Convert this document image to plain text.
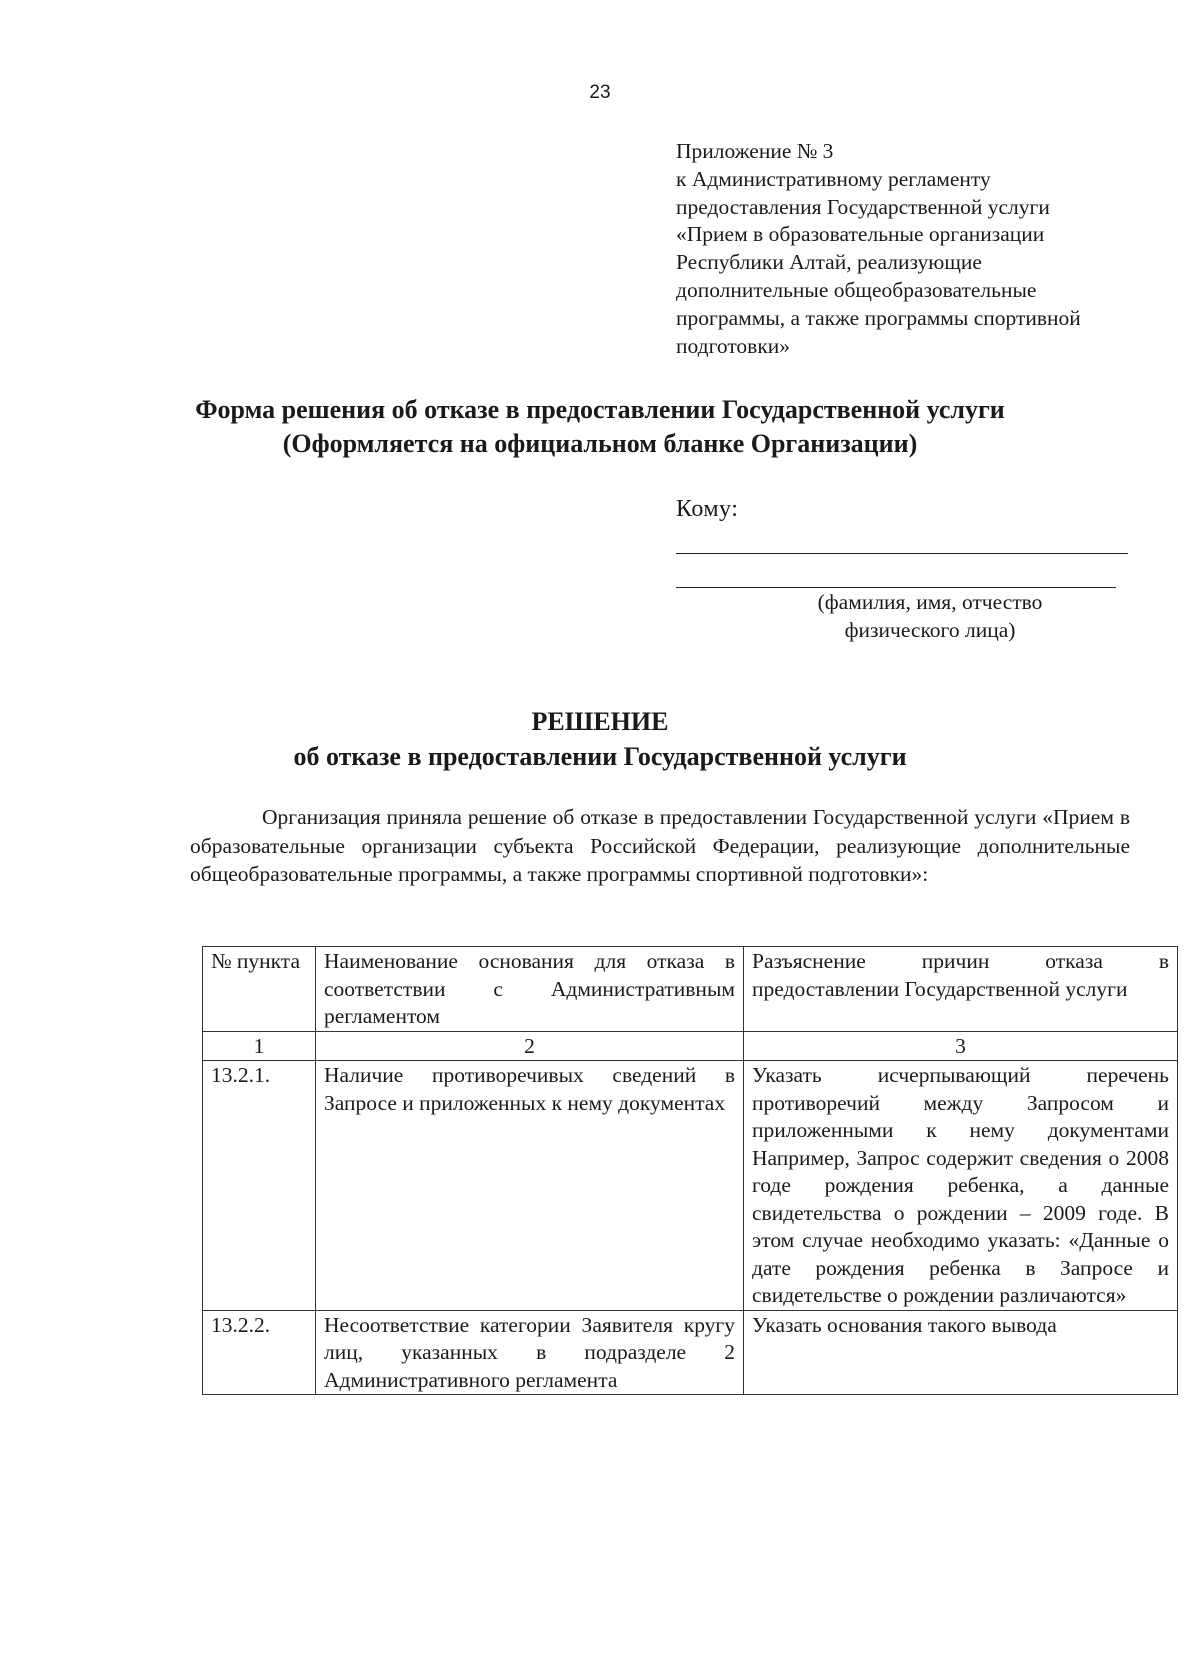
23
Приложение № 3
к Административному регламенту
предоставления Государственной услуги
«Прием в образовательные организации
Республики Алтай, реализующие
дополнительные общеобразовательные
программы, а также программы спортивной
подготовки»
Форма решения об отказе в предоставлении Государственной услуги
(Оформляется на официальном бланке Организации)
Кому:
(фамилия, имя, отчество
физического лица)
РЕШЕНИЕ
об отказе в предоставлении Государственной услуги
Организация приняла решение об отказе в предоставлении Государственной услуги «Прием в образовательные организации субъекта Российской Федерации, реализующие дополнительные общеобразовательные программы, а также программы спортивной подготовки»:
№ пункта	Наименование основания для отказа в соответствии с Административным регламентом	Разъяснение причин отказа в предоставлении Государственной услуги
1	2	3
13.2.1.	Наличие противоречивых сведений в Запросе и приложенных к нему документах	Указать исчерпывающий перечень противоречий между Запросом и приложенными к нему документами Например, Запрос содержит сведения о 2008 годе рождения ребенка, а данные свидетельства о рождении – 2009 годе. В этом случае необходимо указать: «Данные о дате рождения ребенка в Запросе и свидетельстве о рождении различаются»
13.2.2.	Несоответствие категории Заявителя кругу лиц, указанных в подразделе 2 Административного регламента	Указать основания такого вывода
